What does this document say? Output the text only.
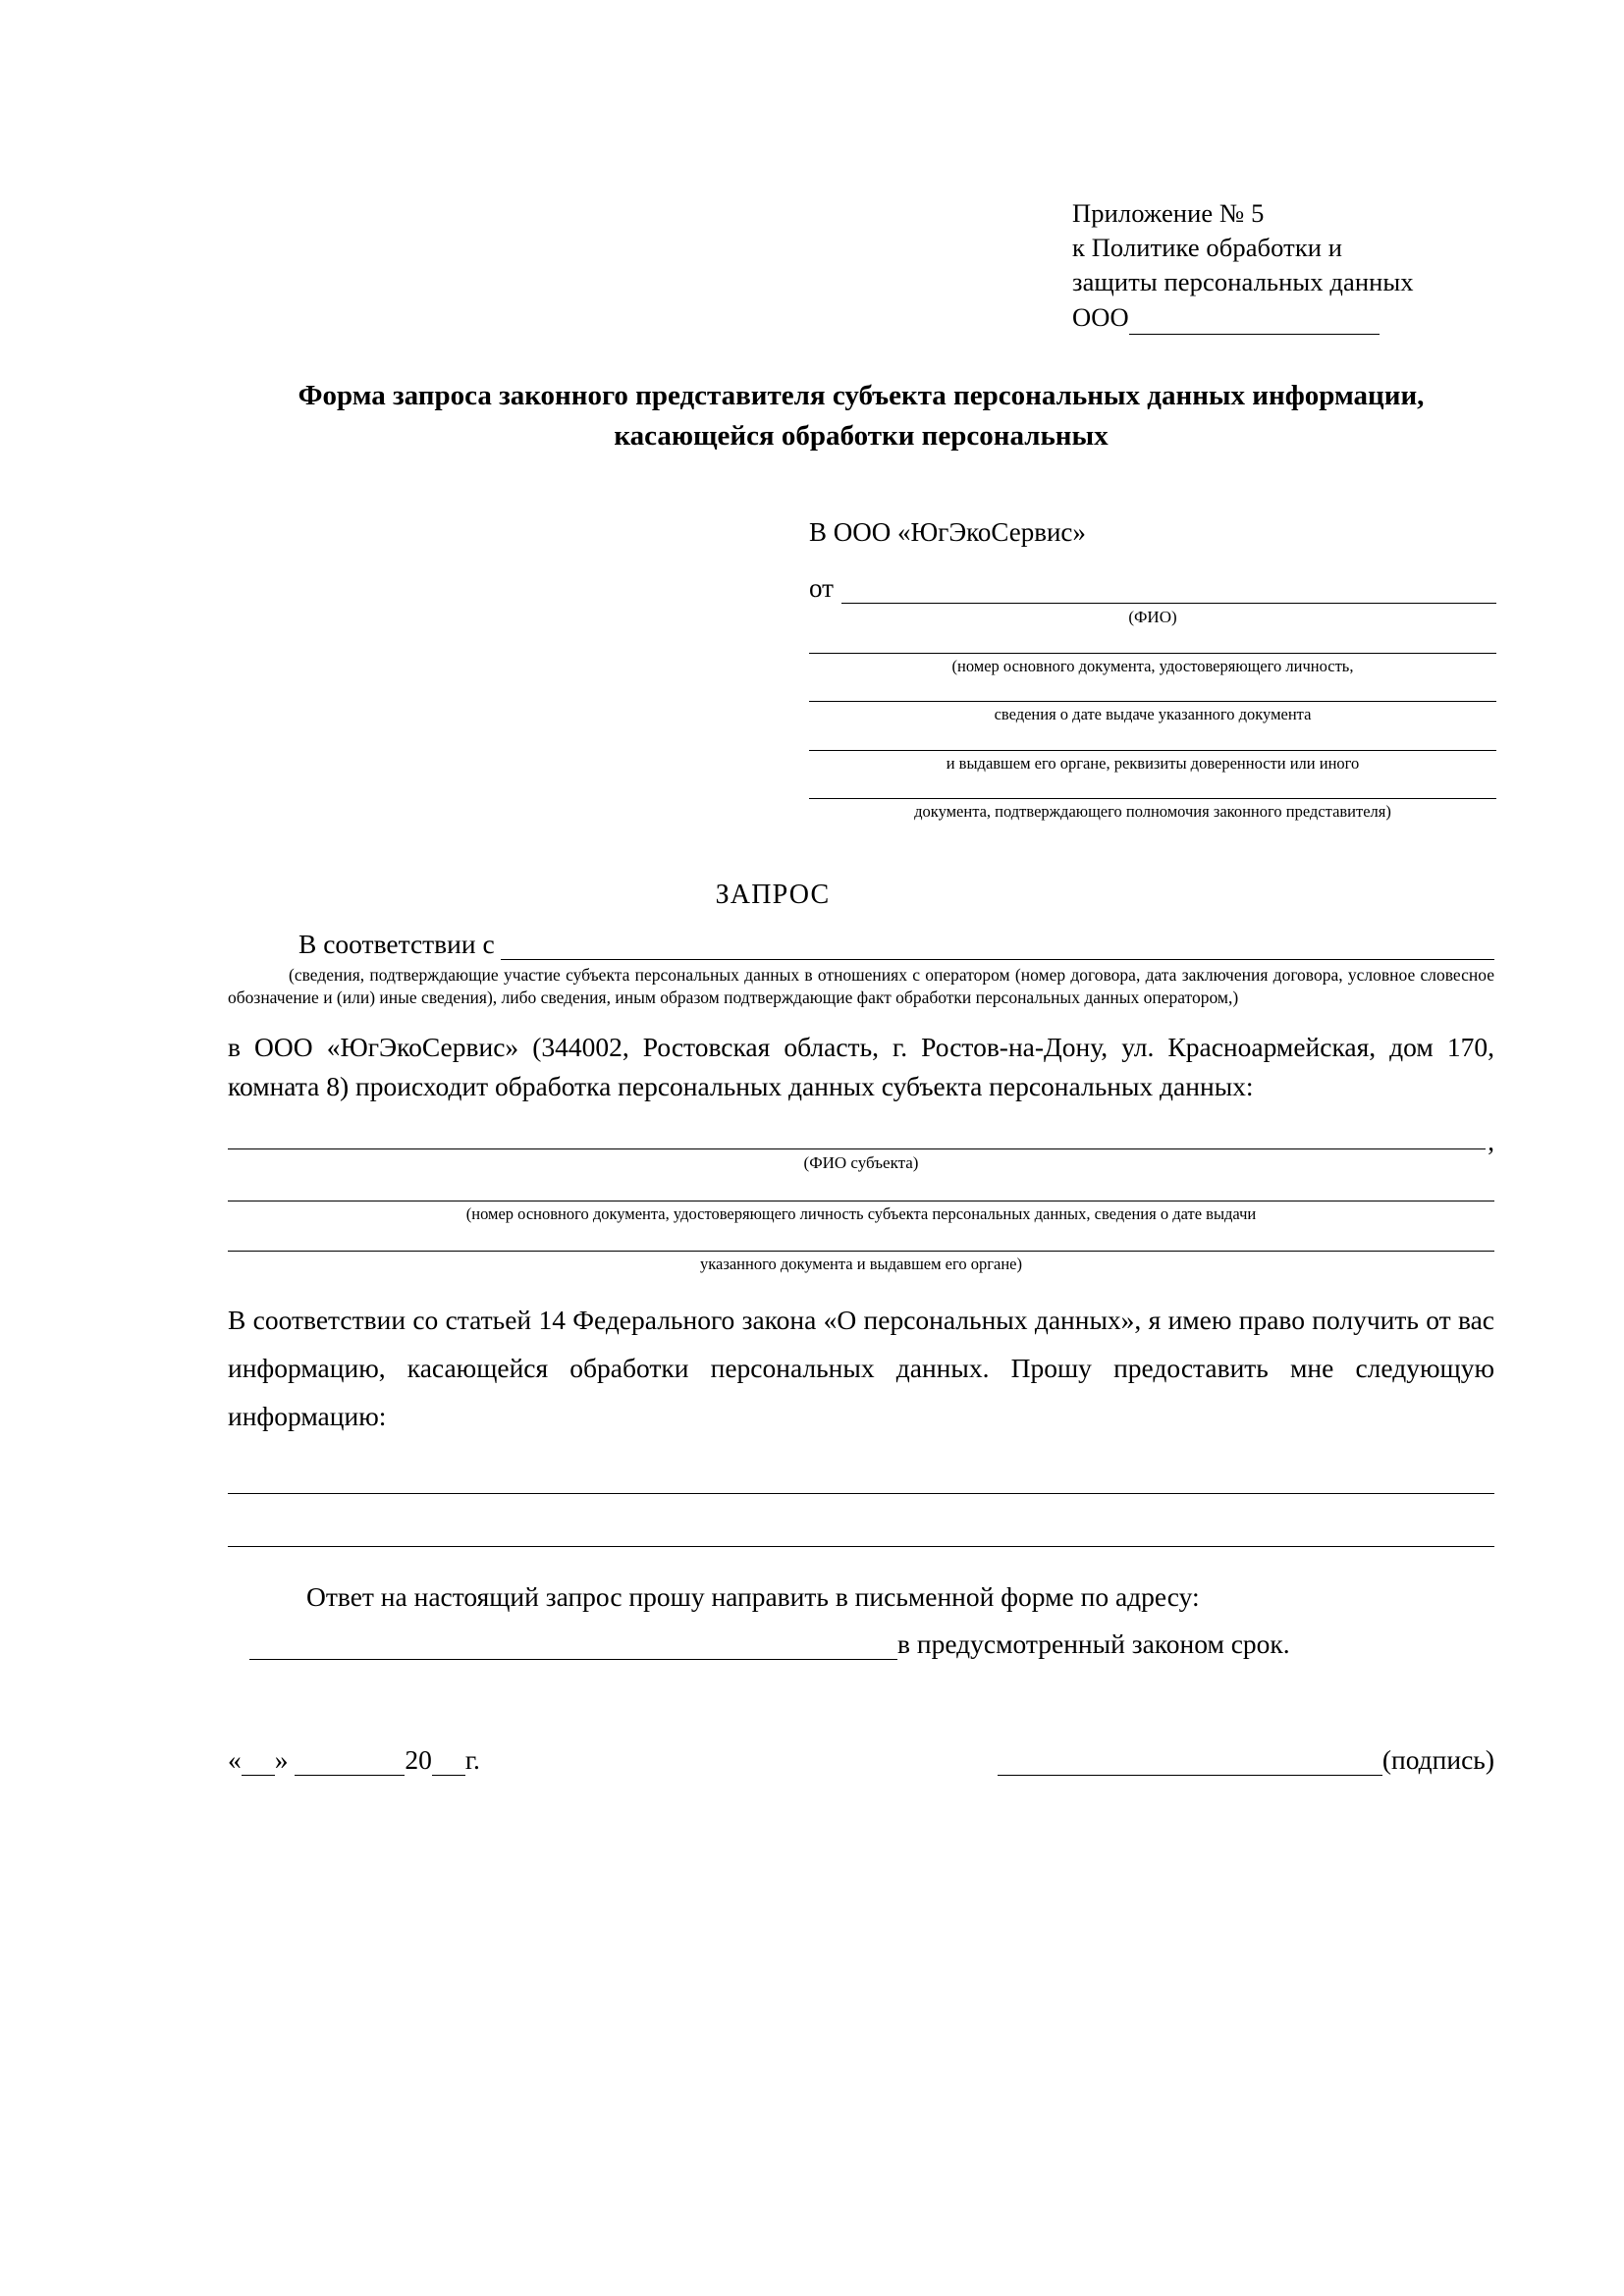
Приложение № 5
к Политике обработки и
защиты персональных данных
ООО
Форма запроса законного представителя субъекта персональных данных информации, касающейся обработки персональных
В ООО «ЮгЭкоСервис»
от
(ФИО)
(номер основного документа, удостоверяющего личность,
сведения о дате выдаче указанного документа
и выдавшем его органе, реквизиты доверенности или иного
документа, подтверждающего полномочия законного представителя)
ЗАПРОС
В соответствии с
(сведения, подтверждающие участие субъекта персональных данных в отношениях с оператором (номер договора, дата заключения договора, условное словесное обозначение и (или) иные сведения), либо сведения, иным образом подтверждающие факт обработки персональных данных оператором,)
в ООО «ЮгЭкоСервис» (344002, Ростовская область, г. Ростов-на-Дону, ул. Красноармейская, дом 170, комната 8) происходит обработка персональных данных субъекта персональных данных:
,
(ФИО субъекта)
(номер основного документа, удостоверяющего личность субъекта персональных данных, сведения о дате выдачи
указанного документа и выдавшем его органе)
В соответствии со статьей 14 Федерального закона «О персональных данных», я имею право получить от вас информацию, касающейся обработки персональных данных. Прошу предоставить мне следующую информацию:
Ответ на настоящий запрос прошу направить в письменной форме по адресу:
в предусмотренный законом срок.
« »	20 г.	(подпись)
